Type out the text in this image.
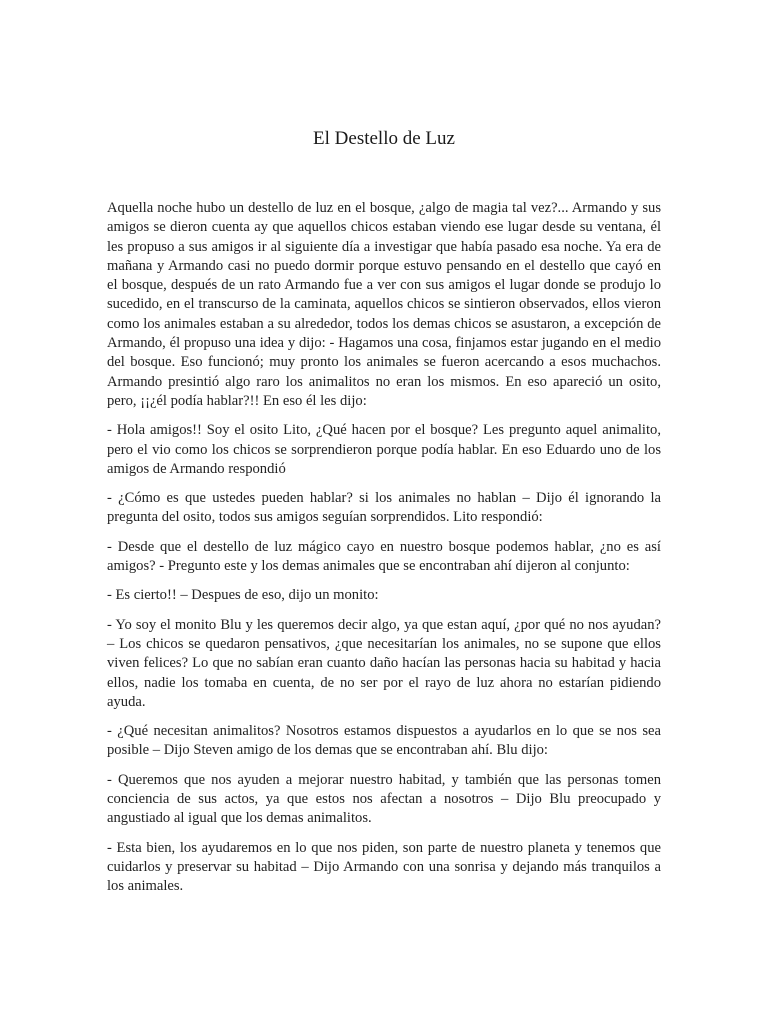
El Destello de Luz

Aquella noche hubo un destello de luz en el bosque, ¿algo de magia tal vez?... Armando y sus amigos se dieron cuenta ay que aquellos chicos estaban viendo ese lugar desde su ventana, él les propuso a sus amigos ir al siguiente día a investigar que había pasado esa noche. Ya era de mañana y Armando casi no puedo dormir porque estuvo pensando en el destello que cayó en el bosque, después de un rato Armando fue a ver con sus amigos el lugar donde se produjo lo sucedido, en el transcurso de la caminata, aquellos chicos se sintieron observados, ellos vieron como los animales estaban a su alrededor, todos los demas chicos se asustaron, a excepción de Armando, él propuso una idea y dijo: - Hagamos una cosa, finjamos estar jugando en el medio del bosque. Eso funcionó; muy pronto los animales se fueron acercando a esos muchachos. Armando presintió algo raro los animalitos no eran los mismos. En eso apareció un osito, pero, ¡¡¿él podía hablar?!! En eso él les dijo:

- Hola amigos!! Soy el osito Lito, ¿Qué hacen por el bosque? Les pregunto aquel animalito, pero el vio como los chicos se sorprendieron porque podía hablar. En eso Eduardo uno de los amigos de Armando respondió

- ¿Cómo es que ustedes pueden hablar? si los animales no hablan – Dijo él ignorando la pregunta del osito, todos sus amigos seguían sorprendidos. Lito respondió:

- Desde que el destello de luz mágico cayo en nuestro bosque podemos hablar, ¿no es así amigos? - Pregunto este y los demas animales que se encontraban ahí dijeron al conjunto:

- Es cierto!! – Despues de eso, dijo un monito:

- Yo soy el monito Blu y les queremos decir algo, ya que estan aquí, ¿por qué no nos ayudan? – Los chicos se quedaron pensativos, ¿que necesitarían los animales, no se supone que ellos viven felices? Lo que no sabían eran cuanto daño hacían las personas hacia su habitad y hacia ellos, nadie los tomaba en cuenta, de no ser por el rayo de luz ahora no estarían pidiendo ayuda.

- ¿Qué necesitan animalitos? Nosotros estamos dispuestos a ayudarlos en lo que se nos sea posible – Dijo Steven amigo de los demas que se encontraban ahí. Blu dijo:

- Queremos que nos ayuden a mejorar nuestro habitad, y también que las personas tomen conciencia de sus actos, ya que estos nos afectan a nosotros – Dijo Blu preocupado y angustiado al igual que los demas animalitos.

- Esta bien, los ayudaremos en lo que nos piden, son parte de nuestro planeta y tenemos que cuidarlos y preservar su habitad – Dijo Armando con una sonrisa y dejando más tranquilos a los animales.
